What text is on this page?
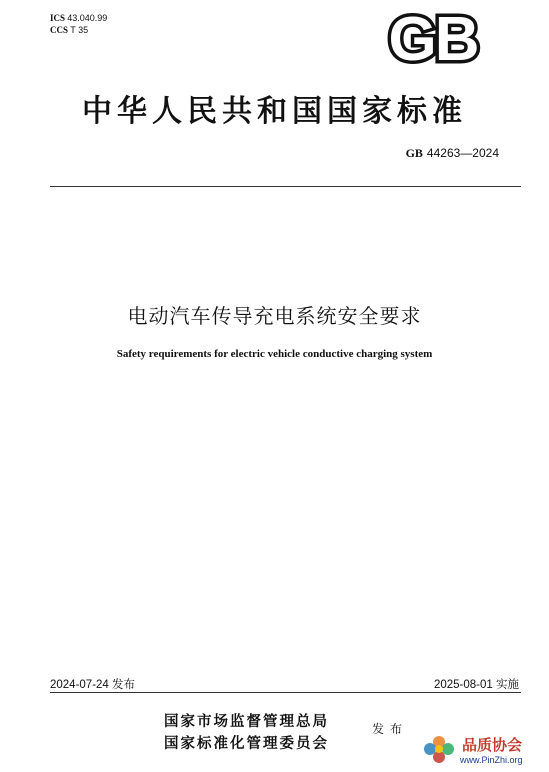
ICS 43.040.99
CCS T 35	GB
中华人民共和国国家标准
GB 44263—2024
电动汽车传导充电系统安全要求
Safety requirements for electric vehicle conductive charging system
2024-07-24 发布	2025-08-01 实施
国家市场监督管理总局
国家标准化管理委员会
发布
品质协会
www.PinZhi.org
